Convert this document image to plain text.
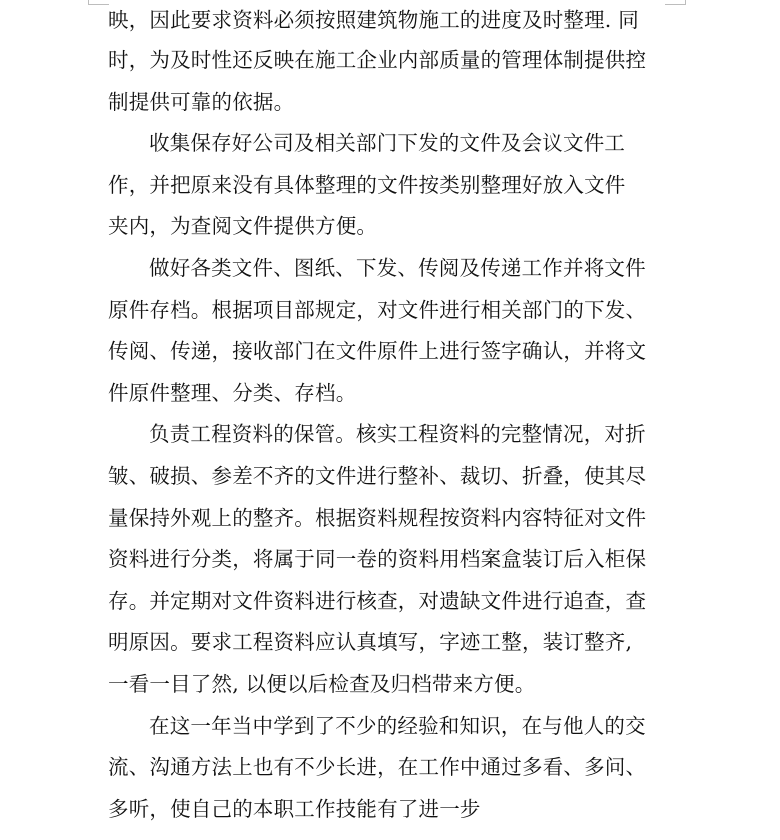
映，因此要求资料必须按照建筑物施工的进度及时整理. 同
时，为及时性还反映在施工企业内部质量的管理体制提供控
制提供可靠的依据。
收集保存好公司及相关部门下发的文件及会议文件工
作，并把原来没有具体整理的文件按类别整理好放入文件
夹内，为查阅文件提供方便。
做好各类文件、图纸、下发、传阅及传递工作并将文件
原件存档。根据项目部规定，对文件进行相关部门的下发、
传阅、传递，接收部门在文件原件上进行签字确认，并将文
件原件整理、分类、存档。
负责工程资料的保管。核实工程资料的完整情况，对折
皱、破损、参差不齐的文件进行整补、裁切、折叠，使其尽
量保持外观上的整齐。根据资料规程按资料内容特征对文件
资料进行分类，将属于同一卷的资料用档案盒装订后入柜保
存。并定期对文件资料进行核查，对遗缺文件进行追查，查
明原因。要求工程资料应认真填写，字迹工整，装订整齐,
一看一目了然, 以便以后检查及归档带来方便。
在这一年当中学到了不少的经验和知识，在与他人的交
流、沟通方法上也有不少长进，在工作中通过多看、多问、
多听，使自己的本职工作技能有了进一步
